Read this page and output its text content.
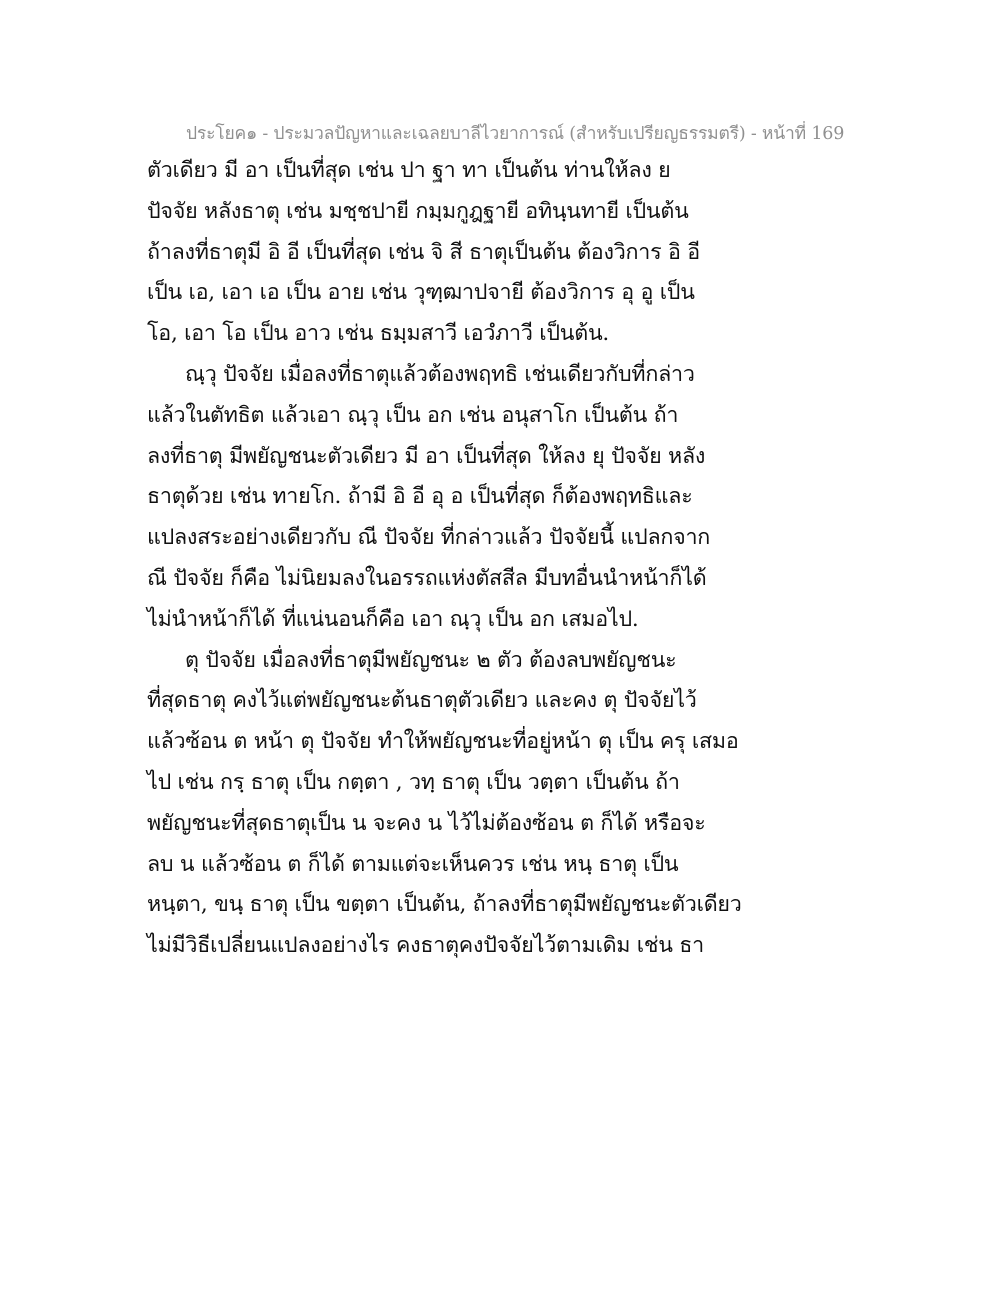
ประโยค๑ - ประมวลปัญหาและเฉลยบาลีไวยาการณ์ (สำหรับเปรียญธรรมตรี) - หน้าที่ 169
ตัวเดียว มี อา เป็นที่สุด เช่น ปา ฐา ทา เป็นต้น ท่านให้ลง ย
ปัจจัย หลังธาตุ เช่น มชฺชปายี กมฺมกูฎฐายี อทินฺนทายี เป็นต้น
ถ้าลงที่ธาตุมี อิ อี เป็นที่สุด เช่น จิ สี ธาตุเป็นต้น ต้องวิการ อิ อี
เป็น เอ, เอา เอ เป็น อาย เช่น วุฑฺฒาปจายี ต้องวิการ อุ อู เป็น
โอ, เอา โอ เป็น อาว เช่น ธมฺมสาวี เอวํภาวี เป็นต้น.
ณฺวุ ปัจจัย เมื่อลงที่ธาตุแล้วต้องพฤทธิ เช่นเดียวกับที่กล่าว
แล้วในตัทธิต แล้วเอา ณฺวุ เป็น อก เช่น อนุสาโก เป็นต้น ถ้า
ลงที่ธาตุ มีพยัญชนะตัวเดียว มี อา เป็นที่สุด ให้ลง ยุ ปัจจัย หลัง
ธาตุด้วย เช่น ทายโก. ถ้ามี อิ อี อุ อ เป็นที่สุด ก็ต้องพฤทธิและ
แปลงสระอย่างเดียวกับ ณี ปัจจัย ที่กล่าวแล้ว ปัจจัยนี้ แปลกจาก
ณี ปัจจัย ก็คือ ไม่นิยมลงในอรรถแห่งตัสสีล มีบทอื่นนำหน้าก็ได้
ไม่นำหน้าก็ได้ ที่แน่นอนก็คือ เอา ณฺวุ เป็น อก เสมอไป.
ตุ ปัจจัย เมื่อลงที่ธาตุมีพยัญชนะ ๒ ตัว ต้องลบพยัญชนะ
ที่สุดธาตุ คงไว้แต่พยัญชนะต้นธาตุตัวเดียว และคง ตุ ปัจจัยไว้
แล้วซ้อน ต หน้า ตุ ปัจจัย ทำให้พยัญชนะที่อยู่หน้า ตุ เป็น ครุ เสมอ
ไป เช่น กรฺ ธาตุ เป็น กตฺตา , วทฺ ธาตุ เป็น วตฺตา เป็นต้น ถ้า
พยัญชนะที่สุดธาตุเป็น น จะคง น ไว้ไม่ต้องซ้อน ต ก็ได้ หรือจะ
ลบ น แล้วซ้อน ต ก็ได้ ตามแต่จะเห็นควร เช่น หนฺ ธาตุ เป็น
หนฺตา, ขนฺ ธาตุ เป็น ขตฺตา เป็นต้น, ถ้าลงที่ธาตุมีพยัญชนะตัวเดียว
ไม่มีวิธีเปลี่ยนแปลงอย่างไร คงธาตุคงปัจจัยไว้ตามเดิม เช่น ธา
